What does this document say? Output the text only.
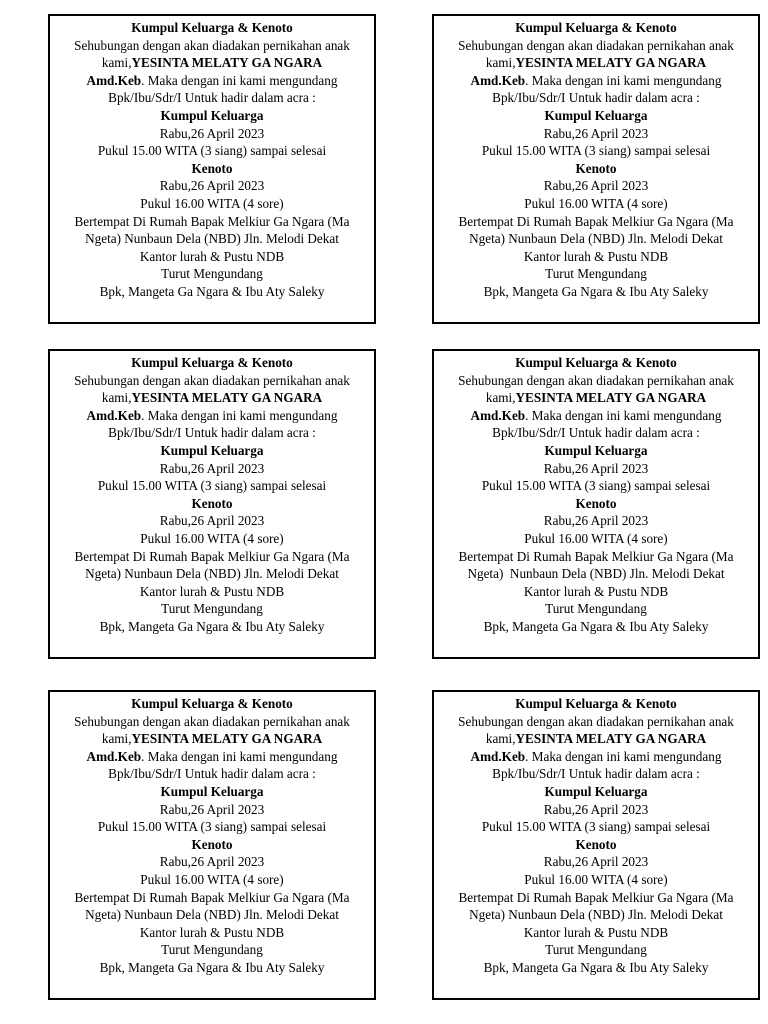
Kumpul Keluarga & Kenoto
Sehubungan dengan akan diadakan pernikahan anak
kami,YESINTA MELATY GA NGARA
Amd.Keb. Maka dengan ini kami mengundang
Bpk/Ibu/Sdr/I Untuk hadir dalam acra :
Kumpul Keluarga
Rabu,26 April 2023
Pukul 15.00 WITA (3 siang) sampai selesai
Kenoto
Rabu,26 April 2023
Pukul 16.00 WITA (4 sore)
Bertempat Di Rumah Bapak Melkiur Ga Ngara (Ma
Ngeta) Nunbaun Dela (NBD) Jln. Melodi Dekat
Kantor lurah & Pustu NDB
Turut Mengundang
Bpk, Mangeta Ga Ngara & Ibu Aty Saleky
Kumpul Keluarga & Kenoto
Sehubungan dengan akan diadakan pernikahan anak
kami,YESINTA MELATY GA NGARA
Amd.Keb. Maka dengan ini kami mengundang
Bpk/Ibu/Sdr/I Untuk hadir dalam acra :
Kumpul Keluarga
Rabu,26 April 2023
Pukul 15.00 WITA (3 siang) sampai selesai
Kenoto
Rabu,26 April 2023
Pukul 16.00 WITA (4 sore)
Bertempat Di Rumah Bapak Melkiur Ga Ngara (Ma
Ngeta) Nunbaun Dela (NBD) Jln. Melodi Dekat
Kantor lurah & Pustu NDB
Turut Mengundang
Bpk, Mangeta Ga Ngara & Ibu Aty Saleky
Kumpul Keluarga & Kenoto
Sehubungan dengan akan diadakan pernikahan anak
kami,YESINTA MELATY GA NGARA
Amd.Keb. Maka dengan ini kami mengundang
Bpk/Ibu/Sdr/I Untuk hadir dalam acra :
Kumpul Keluarga
Rabu,26 April 2023
Pukul 15.00 WITA (3 siang) sampai selesai
Kenoto
Rabu,26 April 2023
Pukul 16.00 WITA (4 sore)
Bertempat Di Rumah Bapak Melkiur Ga Ngara (Ma
Ngeta) Nunbaun Dela (NBD) Jln. Melodi Dekat
Kantor lurah & Pustu NDB
Turut Mengundang
Bpk, Mangeta Ga Ngara & Ibu Aty Saleky
Kumpul Keluarga & Kenoto
Sehubungan dengan akan diadakan pernikahan anak
kami,YESINTA MELATY GA NGARA
Amd.Keb. Maka dengan ini kami mengundang
Bpk/Ibu/Sdr/I Untuk hadir dalam acra :
Kumpul Keluarga
Rabu,26 April 2023
Pukul 15.00 WITA (3 siang) sampai selesai
Kenoto
Rabu,26 April 2023
Pukul 16.00 WITA (4 sore)
Bertempat Di Rumah Bapak Melkiur Ga Ngara (Ma
Ngeta)  Nunbaun Dela (NBD) Jln. Melodi Dekat
Kantor lurah & Pustu NDB
Turut Mengundang
Bpk, Mangeta Ga Ngara & Ibu Aty Saleky
Kumpul Keluarga & Kenoto
Sehubungan dengan akan diadakan pernikahan anak
kami,YESINTA MELATY GA NGARA
Amd.Keb. Maka dengan ini kami mengundang
Bpk/Ibu/Sdr/I Untuk hadir dalam acra :
Kumpul Keluarga
Rabu,26 April 2023
Pukul 15.00 WITA (3 siang) sampai selesai
Kenoto
Rabu,26 April 2023
Pukul 16.00 WITA (4 sore)
Bertempat Di Rumah Bapak Melkiur Ga Ngara (Ma
Ngeta) Nunbaun Dela (NBD) Jln. Melodi Dekat
Kantor lurah & Pustu NDB
Turut Mengundang
Bpk, Mangeta Ga Ngara & Ibu Aty Saleky
Kumpul Keluarga & Kenoto
Sehubungan dengan akan diadakan pernikahan anak
kami,YESINTA MELATY GA NGARA
Amd.Keb. Maka dengan ini kami mengundang
Bpk/Ibu/Sdr/I Untuk hadir dalam acra :
Kumpul Keluarga
Rabu,26 April 2023
Pukul 15.00 WITA (3 siang) sampai selesai
Kenoto
Rabu,26 April 2023
Pukul 16.00 WITA (4 sore)
Bertempat Di Rumah Bapak Melkiur Ga Ngara (Ma
Ngeta) Nunbaun Dela (NBD) Jln. Melodi Dekat
Kantor lurah & Pustu NDB
Turut Mengundang
Bpk, Mangeta Ga Ngara & Ibu Aty Saleky
